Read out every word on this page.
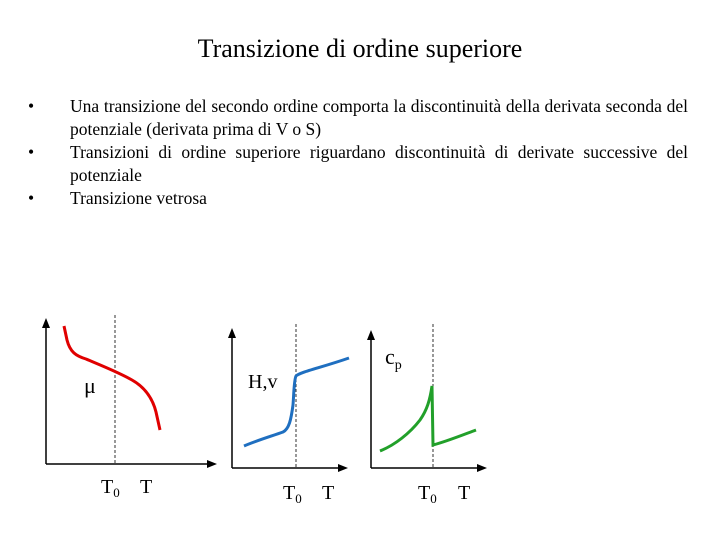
Transizione di ordine superiore
• Una transizione del secondo ordine comporta la discontinuità della derivata seconda del potenziale (derivata prima di V o S)
• Transizioni di ordine superiore riguardano discontinuità di derivate successive del potenziale
• Transizione vetrosa
μ
$T_0$ T
H,v
$T_0$ T
$c_p$
$T_0$ T
